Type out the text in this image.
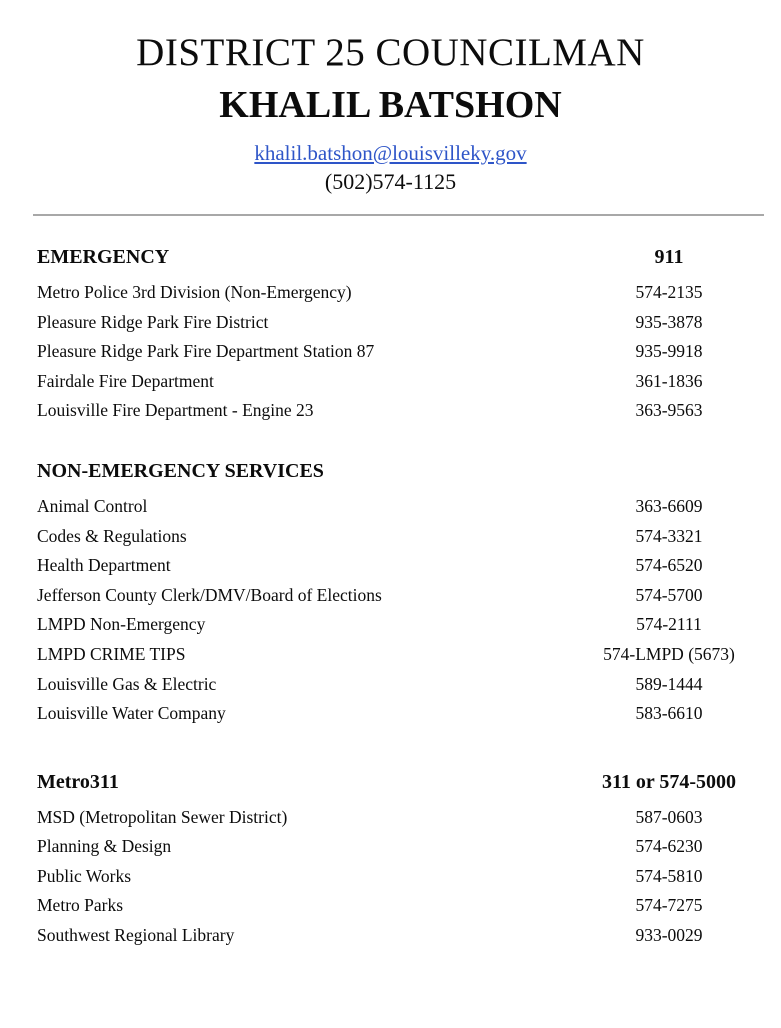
DISTRICT 25 COUNCILMAN
KHALIL BATSHON
khalil.batshon@louisvilleky.gov
(502)574-1125
EMERGENCY	911
Metro Police 3rd Division (Non-Emergency)	574-2135
Pleasure Ridge Park Fire District	935-3878
Pleasure Ridge Park Fire Department Station 87	935-9918
Fairdale Fire Department	361-1836
Louisville Fire Department - Engine 23	363-9563
NON-EMERGENCY SERVICES
Animal Control	363-6609
Codes & Regulations	574-3321
Health Department	574-6520
Jefferson County Clerk/DMV/Board of Elections	574-5700
LMPD Non-Emergency	574-2111
LMPD CRIME TIPS	574-LMPD (5673)
Louisville Gas & Electric	589-1444
Louisville Water Company	583-6610
Metro311	311 or 574-5000
MSD (Metropolitan Sewer District)	587-0603
Planning & Design	574-6230
Public Works	574-5810
Metro Parks	574-7275
Southwest Regional Library	933-0029
